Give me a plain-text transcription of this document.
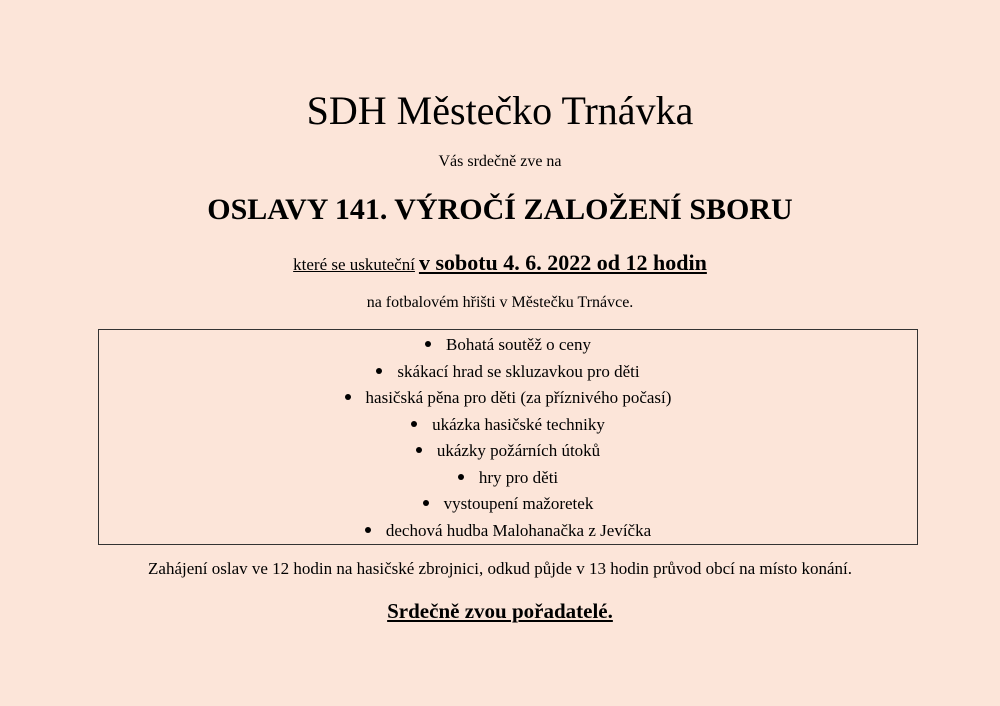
SDH Městečko Trnávka
Vás srdečně zve na
OSLAVY 141. VÝROČÍ ZALOŽENÍ SBORU
které se uskuteční v sobotu 4. 6. 2022 od 12 hodin
na fotbalovém hřišti v Městečku Trnávce.
Bohatá soutěž o ceny
skákací hrad se skluzavkou pro děti
hasičská pěna pro děti (za příznivého počasí)
ukázka hasičské techniky
ukázky požárních útoků
hry pro děti
vystoupení mažoretek
dechová hudba Malohanačka z Jevíčka
Zahájení oslav ve 12 hodin na hasičské zbrojnici, odkud půjde v 13 hodin průvod obcí na místo konání.
Srdečně zvou pořadatelé.
